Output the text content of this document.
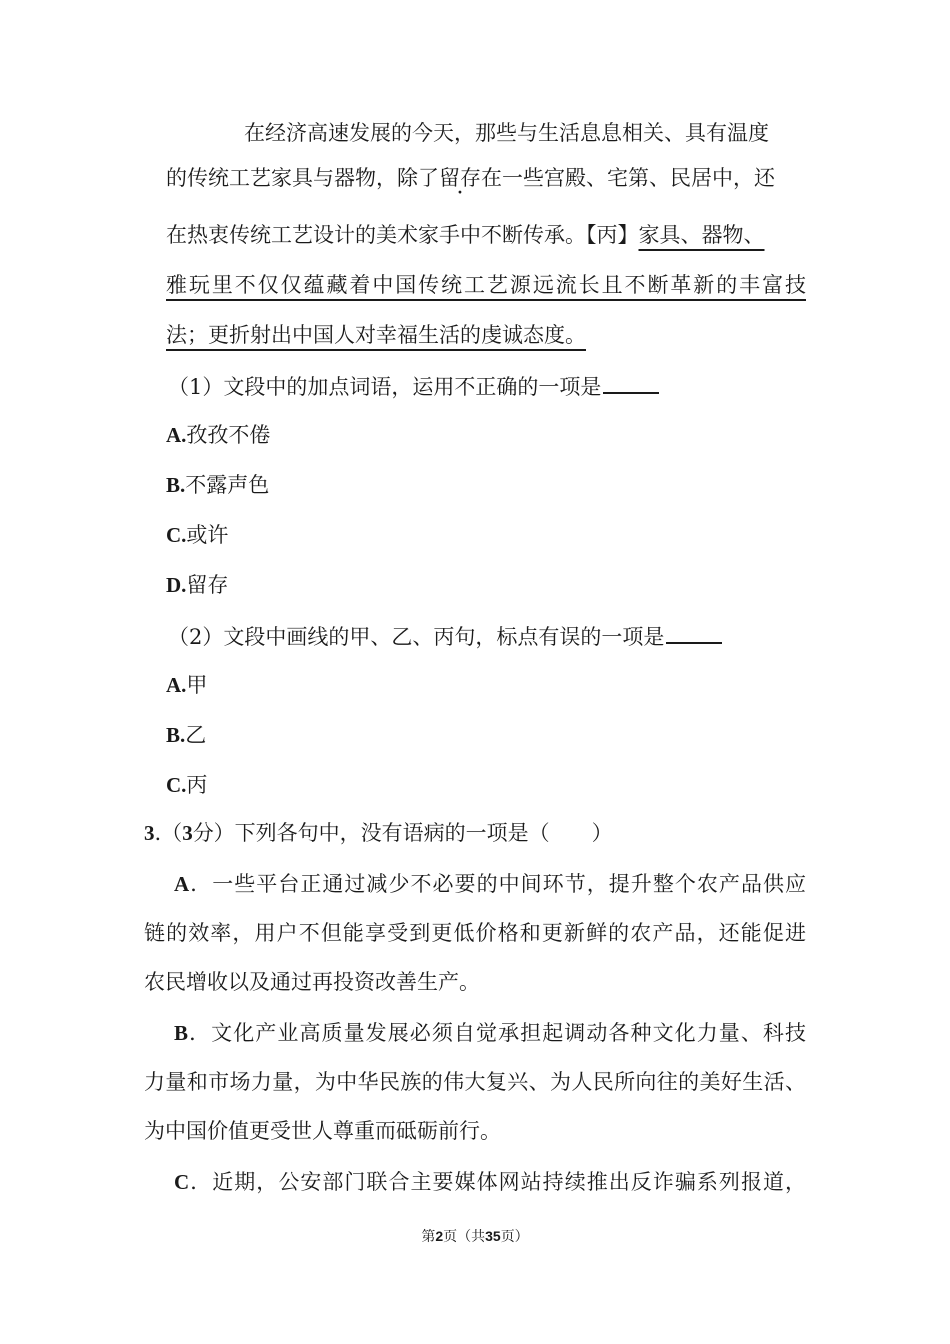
在经济高速发展的今天，那些与生活息息相关、具有温度
的传统工艺家具与器物，除了留存在一些宫殿、宅第、民居中，还
在热衷传统工艺设计的美术家手中不断传承。【丙】家具、器物、
雅玩里不仅仅蕴藏着中国传统工艺源远流长且不断革新的丰富技
法；更折射出中国人对幸福生活的虔诚态度。
（1）文段中的加点词语，运用不正确的一项是
A.孜孜不倦
B.不露声色
C.或许
D.留存
（2）文段中画线的甲、乙、丙句，标点有误的一项是
A.甲
B.乙
C.丙
3.（3分）下列各句中，没有语病的一项是（　　）
A．一些平台正通过减少不必要的中间环节，提升整个农产品供应
链的效率，用户不但能享受到更低价格和更新鲜的农产品，还能促进
农民增收以及通过再投资改善生产。
B．文化产业高质量发展必须自觉承担起调动各种文化力量、科技
力量和市场力量，为中华民族的伟大复兴、为人民所向往的美好生活、
为中国价值更受世人尊重而砥砺前行。
C．近期，公安部门联合主要媒体网站持续推出反诈骗系列报道，
第2页（共35页）
